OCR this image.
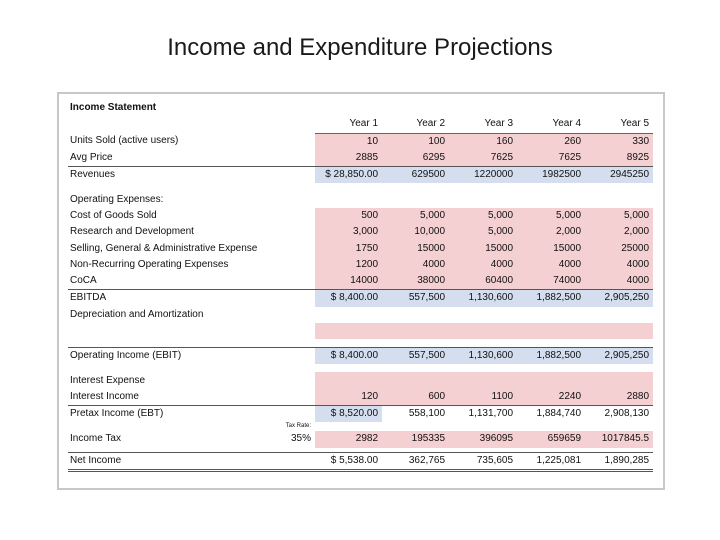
Income and Expenditure Projections
Income Statement						
		Year 1	Year 2	Year 3	Year 4	Year 5
Units Sold (active users)		10	100	160	260	330
Avg Price		2885	6295	7625	7625	8925
Revenues		$ 28,850.00	629500	1220000	1982500	2945250

Operating Expenses:						
Cost of Goods Sold		500	5,000	5,000	5,000	5,000
Research and Development		3,000	10,000	5,000	2,000	2,000
Selling, General & Administrative Expense		1750	15000	15000	15000	25000
Non-Recurring Operating Expenses		1200	4000	4000	4000	4000
CoCA		14000	38000	60400	74000	4000
EBITDA		$ 8,400.00	557,500	1,130,600	1,882,500	2,905,250
Depreciation and Amortization						

Operating Income (EBIT)		$ 8,400.00	557,500	1,130,600	1,882,500	2,905,250

Interest Expense						
Interest Income		120	600	1100	2240	2880
Pretax Income (EBT)		$ 8,520.00	558,100	1,131,700	1,884,740	2,908,130
	Tax Rate:					
Income Tax	35%	2982	195335	396095	659659	1017845.5

Net Income		$ 5,538.00	362,765	735,605	1,225,081	1,890,285
